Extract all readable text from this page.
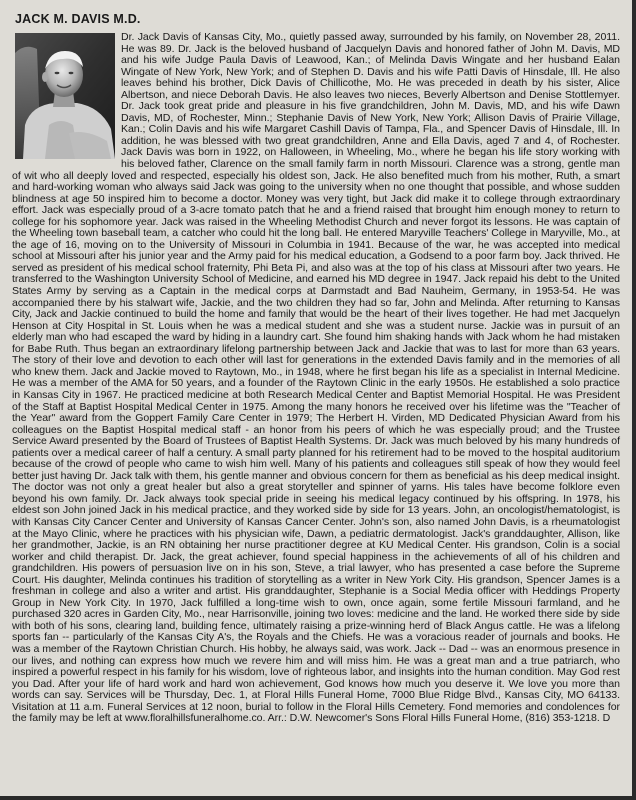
JACK M. DAVIS M.D.

Dr. Jack Davis of Kansas City, Mo., quietly passed away, surrounded by his family, on November 28, 2011. He was 89. Dr. Jack is the beloved husband of Jacquelyn Davis and honored father of John M. Davis, MD and his wife Judge Paula Davis of Leawood, Kan.; of Melinda Davis Wingate and her husband Ealan Wingate of New York, New York; and of Stephen D. Davis and his wife Patti Davis of Hinsdale, Ill. He also leaves behind his brother, Dick Davis of Chillicothe, Mo. He was preceded in death by his sister, Alice Albertson, and niece Deborah Davis. He also leaves two nieces, Beverly Albertson and Denise Stottlemyer. Dr. Jack took great pride and pleasure in his five grandchildren, John M. Davis, MD, and his wife Dawn Davis, MD, of Rochester, Minn.; Stephanie Davis of New York, New York; Allison Davis of Prairie Village, Kan.; Colin Davis and his wife Margaret Cashill Davis of Tampa, Fla., and Spencer Davis of Hinsdale, Ill. In addition, he was blessed with two great grandchildren, Anne and Ella Davis, aged 7 and 4, of Rochester. Jack Davis was born in 1922, on Halloween, in Wheeling, Mo., where he began his life story working with his beloved father, Clarence on the small family farm in north Missouri. Clarence was a strong, gentle man of wit who all deeply loved and respected, especially his oldest son, Jack. He also benefited much from his mother, Ruth, a smart and hard-working woman who always said Jack was going to the university when no one thought that possible, and whose sudden blindness at age 50 inspired him to become a doctor. Money was very tight, but Jack did make it to college through extraordinary effort. Jack was especially proud of a 3-acre tomato patch that he and a friend raised that brought him enough money to return to college for his sophomore year. Jack was raised in the Wheeling Methodist Church and never forgot its lessons. He was captain of the Wheeling town baseball team, a catcher who could hit the long ball. He entered Maryville Teachers' College in Maryville, Mo., at the age of 16, moving on to the University of Missouri in Columbia in 1941. Because of the war, he was accepted into medical school at Missouri after his junior year and the Army paid for his medical education, a Godsend to a poor farm boy. Jack thrived. He served as president of his medical school fraternity, Phi Beta Pi, and also was at the top of his class at Missouri after two years. He transferred to the Washington University School of Medicine, and earned his MD degree in 1947. Jack repaid his debt to the United States Army by serving as a Captain in the medical corps at Darmstadt and Bad Nauheim, Germany, in 1953-54. He was accompanied there by his stalwart wife, Jackie, and the two children they had so far, John and Melinda. After returning to Kansas City, Jack and Jackie continued to build the home and family that would be the heart of their lives together. He had met Jacquelyn Henson at City Hospital in St. Louis when he was a medical student and she was a student nurse. Jackie was in pursuit of an elderly man who had escaped the ward by hiding in a laundry cart. She found him shaking hands with Jack whom he had mistaken for Babe Ruth. Thus began an extraordinary lifelong partnership between Jack and Jackie that was to last for more than 63 years. The story of their love and devotion to each other will last for generations in the extended Davis family and in the memories of all who knew them. Jack and Jackie moved to Raytown, Mo., in 1948, where he first began his life as a specialist in Internal Medicine. He was a member of the AMA for 50 years, and a founder of the Raytown Clinic in the early 1950s. He established a solo practice in Kansas City in 1967. He practiced medicine at both Research Medical Center and Baptist Memorial Hospital. He was President of the Staff at Baptist Hospital Medical Center in 1975. Among the many honors he received over his lifetime was the "Teacher of the Year" award from the Goppert Family Care Center in 1979; The Herbert H. Virden, MD Dedicated Physician Award from his colleagues on the Baptist Hospital medical staff - an honor from his peers of which he was especially proud; and the Trustee Service Award presented by the Board of Trustees of Baptist Health Systems. Dr. Jack was much beloved by his many hundreds of patients over a medical career of half a century. A small party planned for his retirement had to be moved to the hospital auditorium because of the crowd of people who came to wish him well. Many of his patients and colleagues still speak of how they would feel better just having Dr. Jack talk with them, his gentle manner and obvious concern for them as beneficial as his deep medical insight. The doctor was not only a great healer but also a great storyteller and spinner of yarns. His tales have become folklore even beyond his own family. Dr. Jack always took special pride in seeing his medical legacy continued by his offspring. In 1978, his eldest son John joined Jack in his medical practice, and they worked side by side for 13 years. John, an oncologist/hematologist, is with Kansas City Cancer Center and University of Kansas Cancer Center. John's son, also named John Davis, is a rheumatologist at the Mayo Clinic, where he practices with his physician wife, Dawn, a pediatric dermatologist. Jack's granddaughter, Allison, like her grandmother, Jackie, is an RN obtaining her nurse practitioner degree at KU Medical Center. His grandson, Colin is a social worker and child therapist. Dr. Jack, the great achiever, found special happiness in the achievements of all of his children and grandchildren. His powers of persuasion live on in his son, Steve, a trial lawyer, who has presented a case before the Supreme Court. His daughter, Melinda continues his tradition of storytelling as a writer in New York City. His grandson, Spencer James is a freshman in college and also a writer and artist. His granddaughter, Stephanie is a Social Media officer with Heddings Property Group in New York City. In 1970, Jack fulfilled a long-time wish to own, once again, some fertile Missouri farmland, and he purchased 320 acres in Garden City, Mo., near Harrisonville, joining two loves: medicine and the land. He worked there side by side with both of his sons, clearing land, building fence, ultimately raising a prize-winning herd of Black Angus cattle. He was a lifelong sports fan -- particularly of the Kansas City A's, the Royals and the Chiefs. He was a voracious reader of journals and books. He was a member of the Raytown Christian Church. His hobby, he always said, was work. Jack -- Dad -- was an enormous presence in our lives, and nothing can express how much we revere him and will miss him. He was a great man and a true patriarch, who inspired a powerful respect in his family for his wisdom, love of righteous labor, and insights into the human condition. May God rest you Dad. After your life of hard work and hard won achievement, God knows how much you deserve it. We love you more than words can say. Services will be Thursday, Dec. 1, at Floral Hills Funeral Home, 7000 Blue Ridge Blvd., Kansas City, MO 64133. Visitation at 11 a.m. Funeral Services at 12 noon, burial to follow in the Floral Hills Cemetery. Fond memories and condolences for the family may be left at www.floralhillsfuneralhome.co. Arr.: D.W. Newcomer's Sons Floral Hills Funeral Home, (816) 353-1218. D
